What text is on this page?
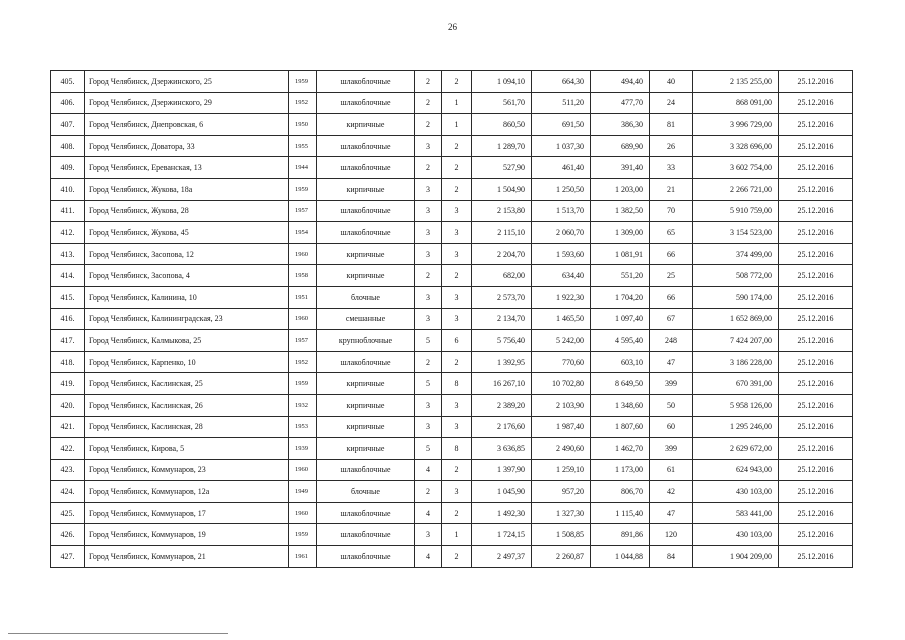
26
405.	Город Челябинск, Дзержинского, 25	1959	шлакоблочные	2	2	1 094,10	664,30	494,40	40	2 135 255,00	25.12.2016
406.	Город Челябинск, Дзержинского, 29	1952	шлакоблочные	2	1	561,70	511,20	477,70	24	868 091,00	25.12.2016
407.	Город Челябинск, Днепровская, 6	1950	кирпичные	2	1	860,50	691,50	386,30	81	3 996 729,00	25.12.2016
408.	Город Челябинск, Доватора, 33	1955	шлакоблочные	3	2	1 289,70	1 037,30	689,90	26	3 328 696,00	25.12.2016
409.	Город Челябинск, Ереванская, 13	1944	шлакоблочные	2	2	527,90	461,40	391,40	33	3 602 754,00	25.12.2016
410.	Город Челябинск, Жукова, 18а	1959	кирпичные	3	2	1 504,90	1 250,50	1 203,00	21	2 266 721,00	25.12.2016
411.	Город Челябинск, Жукова, 28	1957	шлакоблочные	3	3	2 153,80	1 513,70	1 382,50	70	5 910 759,00	25.12.2016
412.	Город Челябинск, Жукова, 45	1954	шлакоблочные	3	3	2 115,10	2 060,70	1 309,00	65	3 154 523,00	25.12.2016
413.	Город Челябинск, Засопова, 12	1960	кирпичные	3	3	2 204,70	1 593,60	1 081,91	66	374 499,00	25.12.2016
414.	Город Челябинск, Засопова, 4	1958	кирпичные	2	2	682,00	634,40	551,20	25	508 772,00	25.12.2016
415.	Город Челябинск, Калинина, 10	1951	блочные	3	3	2 573,70	1 922,30	1 704,20	66	590 174,00	25.12.2016
416.	Город Челябинск, Калининградская, 23	1960	смешанные	3	3	2 134,70	1 465,50	1 097,40	67	1 652 869,00	25.12.2016
417.	Город Челябинск, Калмыкова, 25	1957	крупноблочные	5	6	5 756,40	5 242,00	4 595,40	248	7 424 207,00	25.12.2016
418.	Город Челябинск, Карпенко, 10	1952	шлакоблочные	2	2	1 392,95	770,60	603,10	47	3 186 228,00	25.12.2016
419.	Город Челябинск, Каслинская, 25	1959	кирпичные	5	8	16 267,10	10 702,80	8 649,50	399	670 391,00	25.12.2016
420.	Город Челябинск, Каслинская, 26	1932	кирпичные	3	3	2 389,20	2 103,90	1 348,60	50	5 958 126,00	25.12.2016
421.	Город Челябинск, Каслинская, 28	1953	кирпичные	3	3	2 176,60	1 987,40	1 807,60	60	1 295 246,00	25.12.2016
422.	Город Челябинск, Кирова, 5	1939	кирпичные	5	8	3 636,85	2 490,60	1 462,70	399	2 629 672,00	25.12.2016
423.	Город Челябинск, Коммунаров, 23	1960	шлакоблочные	4	2	1 397,90	1 259,10	1 173,00	61	624 943,00	25.12.2016
424.	Город Челябинск, Коммунаров, 12а	1949	блочные	2	3	1 045,90	957,20	806,70	42	430 103,00	25.12.2016
425.	Город Челябинск, Коммунаров, 17	1960	шлакоблочные	4	2	1 492,30	1 327,30	1 115,40	47	583 441,00	25.12.2016
426.	Город Челябинск, Коммунаров, 19	1959	шлакоблочные	3	1	1 724,15	1 508,85	891,86	120	430 103,00	25.12.2016
427.	Город Челябинск, Коммунаров, 21	1961	шлакоблочные	4	2	2 497,37	2 260,87	1 044,88	84	1 904 209,00	25.12.2016
